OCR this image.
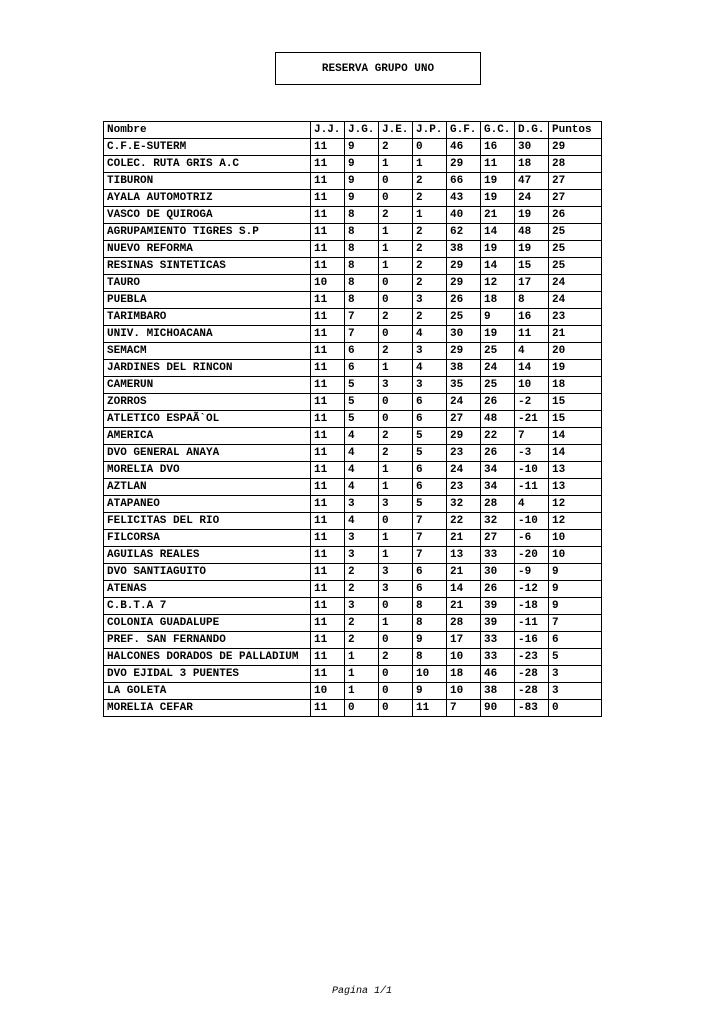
RESERVA GRUPO UNO
Nombre	J.J.	J.G.	J.E.	J.P.	G.F.	G.C.	D.G.	Puntos
C.F.E-SUTERM	11	9	2	0	46	16	30	29
COLEC. RUTA GRIS A.C	11	9	1	1	29	11	18	28
TIBURON	11	9	0	2	66	19	47	27
AYALA AUTOMOTRIZ	11	9	0	2	43	19	24	27
VASCO DE QUIROGA	11	8	2	1	40	21	19	26
AGRUPAMIENTO TIGRES S.P	11	8	1	2	62	14	48	25
NUEVO REFORMA	11	8	1	2	38	19	19	25
RESINAS SINTETICAS	11	8	1	2	29	14	15	25
TAURO	10	8	0	2	29	12	17	24
PUEBLA	11	8	0	3	26	18	8	24
TARIMBARO	11	7	2	2	25	9	16	23
UNIV. MICHOACANA	11	7	0	4	30	19	11	21
SEMACM	11	6	2	3	29	25	4	20
JARDINES DEL RINCON	11	6	1	4	38	24	14	19
CAMERUN	11	5	3	3	35	25	10	18
ZORROS	11	5	0	6	24	26	-2	15
ATLETICO ESPAÃ`OL	11	5	0	6	27	48	-21	15
AMERICA	11	4	2	5	29	22	7	14
DVO GENERAL ANAYA	11	4	2	5	23	26	-3	14
MORELIA DVO	11	4	1	6	24	34	-10	13
AZTLAN	11	4	1	6	23	34	-11	13
ATAPANEO	11	3	3	5	32	28	4	12
FELICITAS DEL RIO	11	4	0	7	22	32	-10	12
FILCORSA	11	3	1	7	21	27	-6	10
AGUILAS REALES	11	3	1	7	13	33	-20	10
DVO SANTIAGUITO	11	2	3	6	21	30	-9	9
ATENAS	11	2	3	6	14	26	-12	9
C.B.T.A 7	11	3	0	8	21	39	-18	9
COLONIA GUADALUPE	11	2	1	8	28	39	-11	7
PREF. SAN FERNANDO	11	2	0	9	17	33	-16	6
HALCONES DORADOS DE PALLADIUM	11	1	2	8	10	33	-23	5
DVO EJIDAL 3 PUENTES	11	1	0	10	18	46	-28	3
LA GOLETA	10	1	0	9	10	38	-28	3
MORELIA CEFAR	11	0	0	11	7	90	-83	0
Pagina 1/1
